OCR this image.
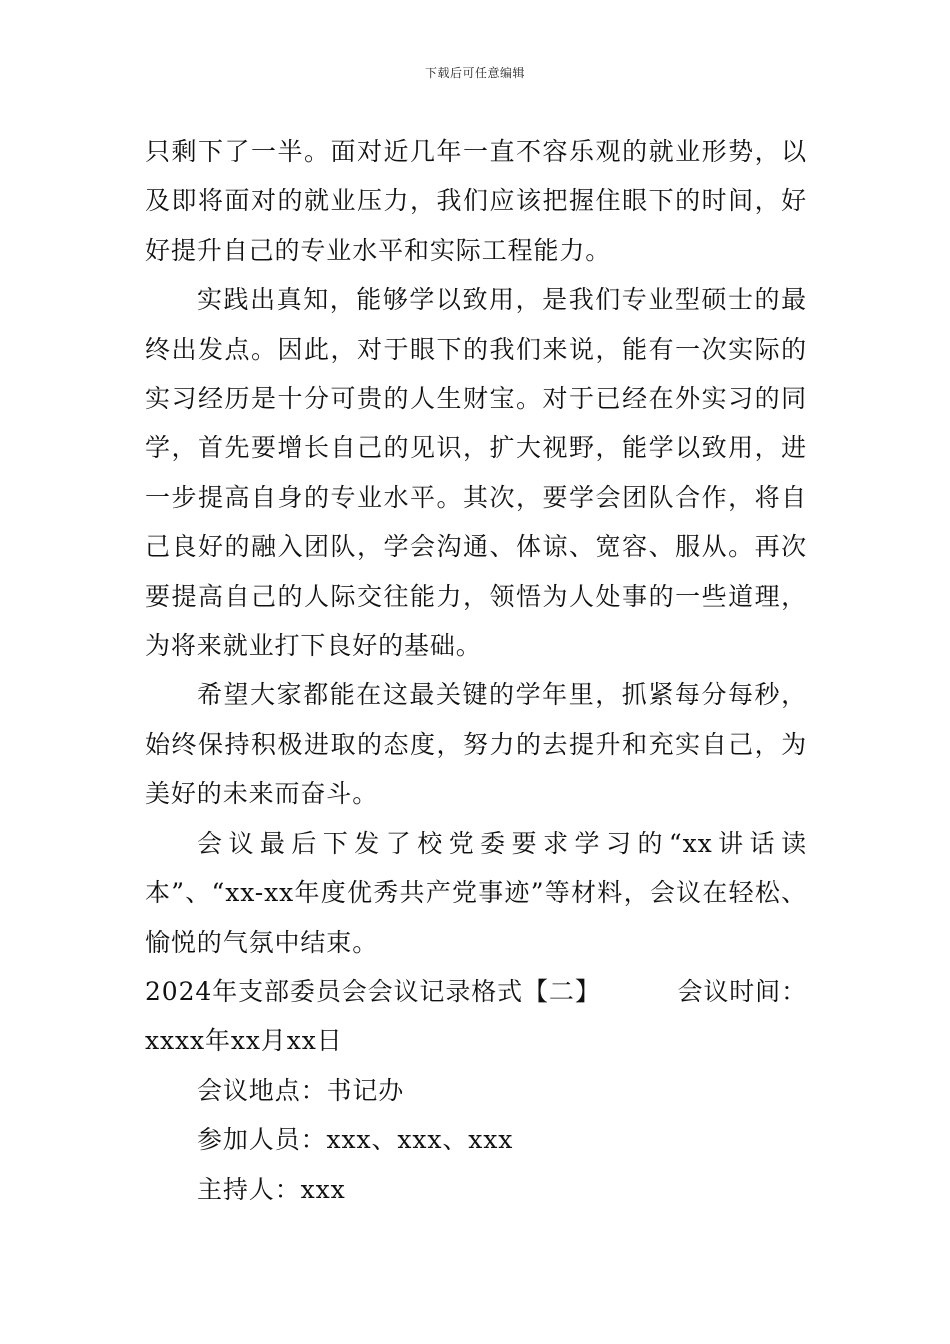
下载后可任意编辑

只剩下了一半。面对近几年一直不容乐观的就业形势，以及即将面对的就业压力，我们应该把握住眼下的时间，好好提升自己的专业水平和实际工程能力。

实践出真知，能够学以致用，是我们专业型硕士的最终出发点。因此，对于眼下的我们来说，能有一次实际的实习经历是十分可贵的人生财宝。对于已经在外实习的同学，首先要增长自己的见识，扩大视野，能学以致用，进一步提高自身的专业水平。其次，要学会团队合作，将自己良好的融入团队，学会沟通、体谅、宽容、服从。再次要提高自己的人际交往能力，领悟为人处事的一些道理，为将来就业打下良好的基础。

希望大家都能在这最关键的学年里，抓紧每分每秒，始终保持积极进取的态度，努力的去提升和充实自己，为美好的未来而奋斗。

会议最后下发了校党委要求学习的“xx讲话读本”、“xx-xx年度优秀共产党事迹”等材料，会议在轻松、愉悦的气氛中结束。

2024年支部委员会会议记录格式【二】	会议时间：

xxxx年xx月xx日

会议地点：书记办

参加人员：xxx、xxx、xxx

主持人：xxx
